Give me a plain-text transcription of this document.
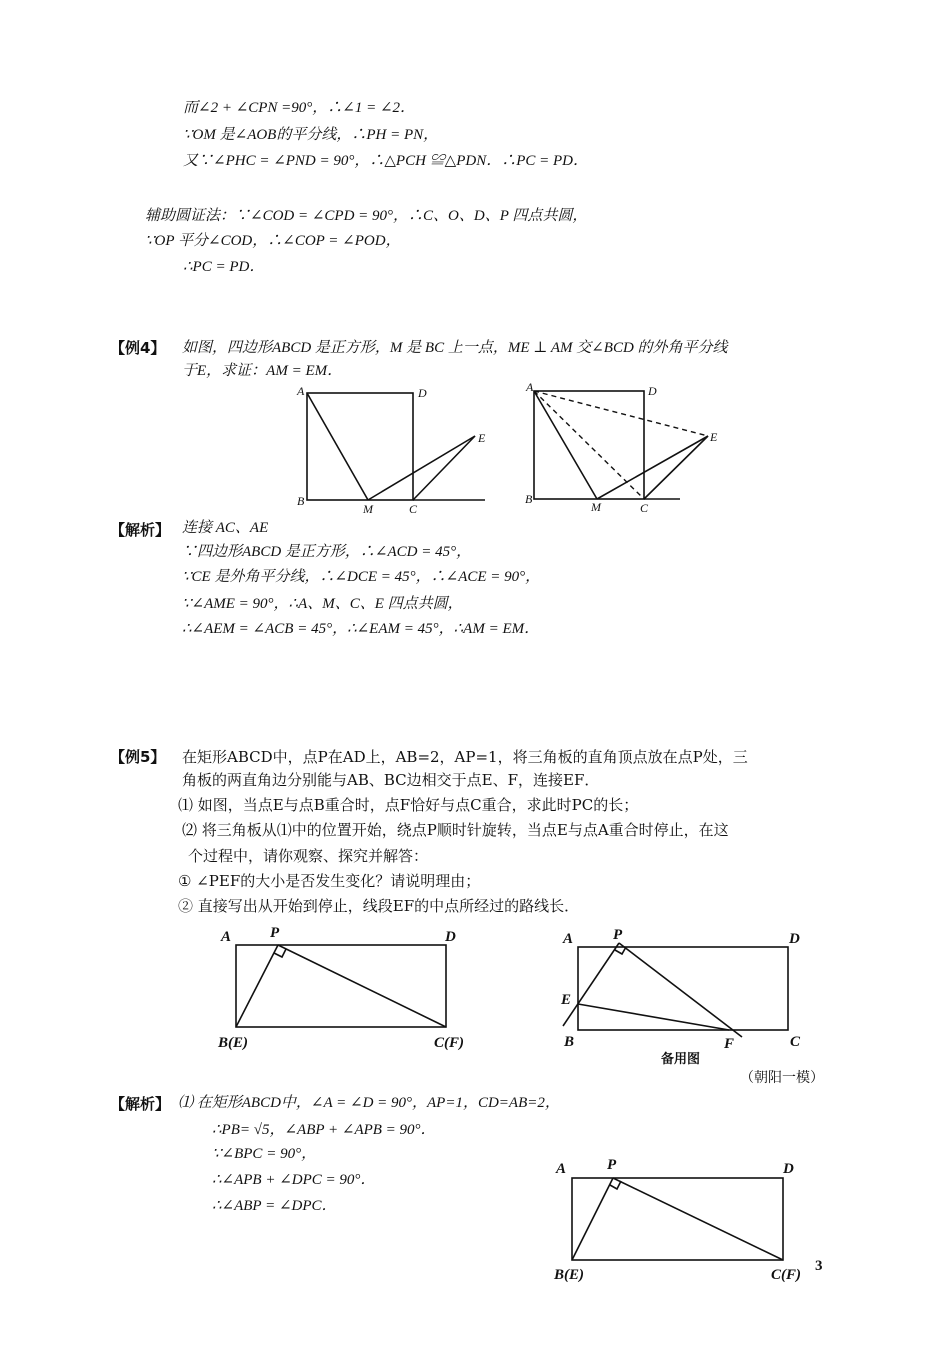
而∠2 + ∠CPN =90°，∴∠1 = ∠2．
∵OM 是∠AOB的平分线，∴PH = PN，
又∵∠PHC = ∠PND = 90°，∴△PCH ≌△PDN．∴PC = PD．
辅助圆证法：∵∠COD = ∠CPD = 90°，∴C、O、D、P 四点共圆，
∵OP 平分∠COD，∴∠COP = ∠POD，
∴PC = PD．
【例4】 如图，四边形ABCD 是正方形，M 是 BC 上一点，ME ⊥ AM 交∠BCD 的外角平分线
于E，求证：AM = EM．
A	D
B
M	C
E
A	D
B
M	C
E
【解析】 连接 AC、AE
∵四边形ABCD 是正方形，∴∠ACD = 45°，
∵CE 是外角平分线，∴∠DCE = 45°，∴∠ACE = 90°，
∵∠AME = 90°，∴A、M、C、E 四点共圆，
∴∠AEM = ∠ACB = 45°，∴∠EAM = 45°，∴AM = EM．
【例5】 在矩形ABCD中，点P在AD上，AB=2，AP=1，将三角板的直角顶点放在点P处，三
角板的两直角边分别能与AB、BC边相交于点E、F，连接EF．
⑴ 如图，当点E与点B重合时，点F恰好与点C重合，求此时PC的长；
⑵ 将三角板从⑴中的位置开始，绕点P顺时针旋转，当点E与点A重合时停止，在这
个过程中，请你观察、探究并解答：
① ∠PEF的大小是否发生变化？请说明理由；
② 直接写出从开始到停止，线段EF的中点所经过的路线长．
A	P	D
B(E)	C(F)
A	P	D
E
B	F	C
备用图
（朝阳一模）
【解析】 ⑴ 在矩形ABCD中，∠A = ∠D = 90°，AP=1，CD=AB=2，
∴PB= √5，∠ABP + ∠APB = 90°．
∵∠BPC = 90°，
∴∠APB + ∠DPC = 90°．
∴∠ABP = ∠DPC．
A	P	D
B(E)	C(F)
3
